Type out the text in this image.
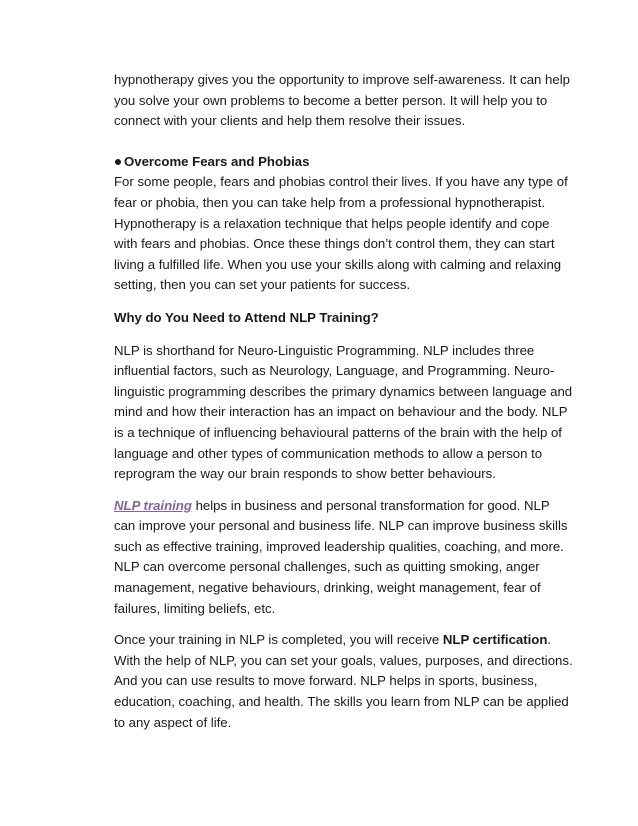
hypnotherapy gives you the opportunity to improve self-awareness. It can help you solve your own problems to become a better person. It will help you to connect with your clients and help them resolve their issues.

Overcome Fears and Phobias

For some people, fears and phobias control their lives. If you have any type of fear or phobia, then you can take help from a professional hypnotherapist. Hypnotherapy is a relaxation technique that helps people identify and cope with fears and phobias. Once these things don’t control them, they can start living a fulfilled life. When you use your skills along with calming and relaxing setting, then you can set your patients for success.

Why do You Need to Attend NLP Training?

NLP is shorthand for Neuro-Linguistic Programming. NLP includes three influential factors, such as Neurology, Language, and Programming. Neuro-linguistic programming describes the primary dynamics between language and mind and how their interaction has an impact on behaviour and the body. NLP is a technique of influencing behavioural patterns of the brain with the help of language and other types of communication methods to allow a person to reprogram the way our brain responds to show better behaviours.

NLP training helps in business and personal transformation for good. NLP can improve your personal and business life. NLP can improve business skills such as effective training, improved leadership qualities, coaching, and more. NLP can overcome personal challenges, such as quitting smoking, anger management, negative behaviours, drinking, weight management, fear of failures, limiting beliefs, etc.

Once your training in NLP is completed, you will receive NLP certification. With the help of NLP, you can set your goals, values, purposes, and directions. And you can use results to move forward. NLP helps in sports, business, education, coaching, and health. The skills you learn from NLP can be applied to any aspect of life.
